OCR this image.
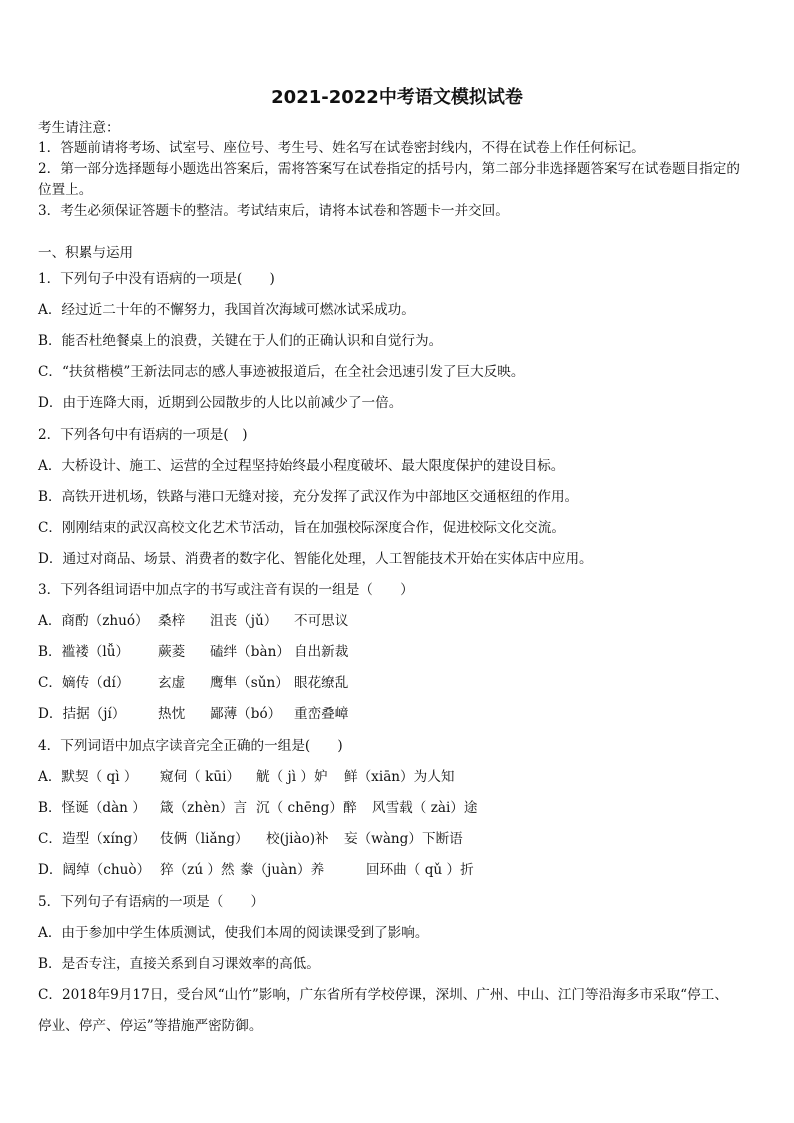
2021-2022中考语文模拟试卷
考生请注意：
1．答题前请将考场、试室号、座位号、考生号、姓名写在试卷密封线内，不得在试卷上作任何标记。
2．第一部分选择题每小题选出答案后，需将答案写在试卷指定的括号内，第二部分非选择题答案写在试卷题目指定的
位置上。
3．考生必须保证答题卡的整洁。考试结束后，请将本试卷和答题卡一并交回。
一、积累与运用
1．下列句子中没有语病的一项是(　　)
A．经过近二十年的不懈努力，我国首次海域可燃冰试采成功。
B．能否杜绝餐桌上的浪费，关键在于人们的正确认识和自觉行为。
C．“扶贫楷模”王新法同志的感人事迹被报道后，在全社会迅速引发了巨大反映。
D．由于连降大雨，近期到公园散步的人比以前减少了一倍。
2．下列各句中有语病的一项是(　)
A．大桥设计、施工、运营的全过程坚持始终最小程度破坏、最大限度保护的建设目标。
B．高铁开进机场，铁路与港口无缝对接，充分发挥了武汉作为中部地区交通枢纽的作用。
C．刚刚结束的武汉高校文化艺术节活动，旨在加强校际深度合作，促进校际文化交流。
D．通过对商品、场景、消费者的数字化、智能化处理，人工智能技术开始在实体店中应用。
3．下列各组词语中加点字的书写或注音有误的一组是（　　）
A．商酌（zhuó） 桑梓 沮丧（jǔ） 不可思议
B．褴褛（lǚ） 蕨菱 磕绊（bàn） 自出新裁
C．嫡传（dí） 玄虚 鹰隼（sǔn） 眼花缭乱
D．拮据（jí） 热忱 鄙薄（bó） 重峦叠嶂
4．下列词语中加点字读音完全正确的一组是(　　)
A．默契（ qì ） 窥伺（ kūi） 觥（ jì ）妒 鲜（xiān）为人知
B．怪诞（dàn ） 箴（zhèn）言 沉（ chēng）醉 风雪载（ zài）途
C．造型（xíng） 伎俩（liǎng） 校(jiào)补 妄（wàng）下断语
D．阔绰（chuò） 猝（zú ）然 豢（juàn）养	回环曲（ qǔ ）折
5．下列句子有语病的一项是（　　）
A．由于参加中学生体质测试，使我们本周的阅读课受到了影响。
B．是否专注，直接关系到自习课效率的高低。
C．2018年9月17日，受台风“山竹”影响，广东省所有学校停课，深圳、广州、中山、江门等沿海多市采取“停工、
停业、停产、停运”等措施严密防御。
